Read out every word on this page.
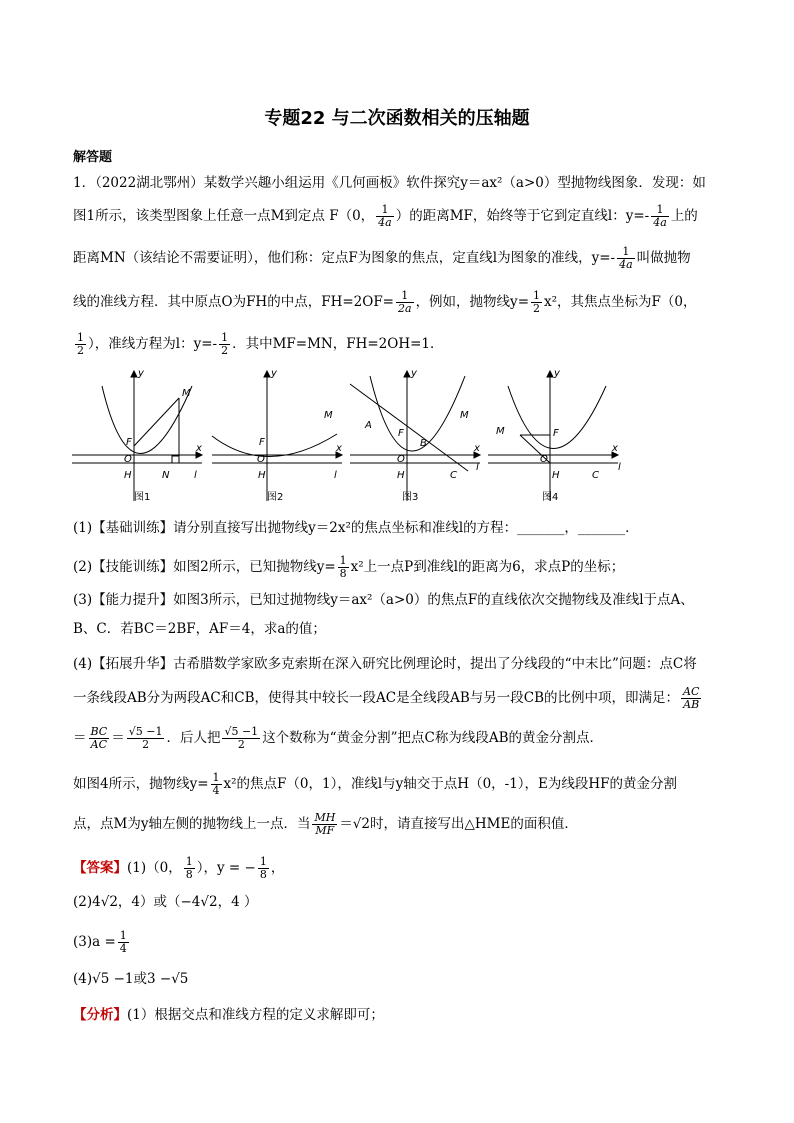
专题22 与二次函数相关的压轴题
解答题
1．（2022湖北鄂州）某数学兴趣小组运用《几何画板》软件探究y＝ax²（a>0）型抛物线图象．发现：如
图1所示，该类型图象上任意一点M到定点 F（0， $\frac{1}{4a}$ ）的距离MF，始终等于它到定直线l：$y=- \frac{1}{4a}$ 上的
距离MN（该结论不需要证明），他们称：定点F为图象的焦点，定直线l为图象的准线，$y=- \frac{1}{4a}$ 叫做抛物
线的准线方程．其中原点O为FH的中点，$FH=2OF= \frac{1}{2a}$ ，例如，抛物线$y= \frac{1}{2} x^2$，其焦点坐标为F（0，
$\frac{1}{2}$ ），准线方程为l：$y=- \frac{1}{2}$ ．其中MF=MN，FH=2OH=1．
y
x
M
F
O
H	N l
y
x
M
F
O
H	l
y
x
M
A
F
B
O
H	C
l
y
x
M	F
O
H	C
l
图1	图2	图3	图4
(1)【基础训练】请分别直接写出抛物线y＝2x²的焦点坐标和准线l的方程：_______，_______．
(2)【技能训练】如图2所示，已知抛物线$y= \frac{1}{8} x^2$上一点P到准线l的距离为6，求点P的坐标；
(3)【能力提升】如图3所示，已知过抛物线y＝ax²（a>0）的焦点F的直线依次交抛物线及准线l于点A、
B、C．若BC＝2BF，AF＝4，求a的值；
(4)【拓展升华】古希腊数学家欧多克索斯在深入研究比例理论时，提出了分线段的“中末比”问题：点C将
一条线段AB分为两段AC和CB，使得其中较长一段AC是全线段AB与另一段CB的比例中项，即满足： $\frac{AC}{AB}$
＝ $\frac{BC}{AC} = \frac{√5 -1}{2}$ ．后人把 $\frac{√5 -1}{2}$ 这个数称为“黄金分割”把点C称为线段AB的黄金分割点．
如图4所示，抛物线$y= \frac{1}{4} x^2$的焦点F（0，1），准线l与y轴交于点H（0，-1），E为线段HF的黄金分割
点，点M为y轴左侧的抛物线上一点．当 $\frac{MH}{MF} =√2$时，请直接写出△HME的面积值．
【答案】(1)（0， $\frac{1}{8}$ ），y = − $\frac{1}{8}$ ，
(2)4√2，4）或（−4√2，4 ）
$(3)a = \frac{1}{4}$
(4)√5 −1或3 −√5
【分析】(1）根据交点和准线方程的定义求解即可；
